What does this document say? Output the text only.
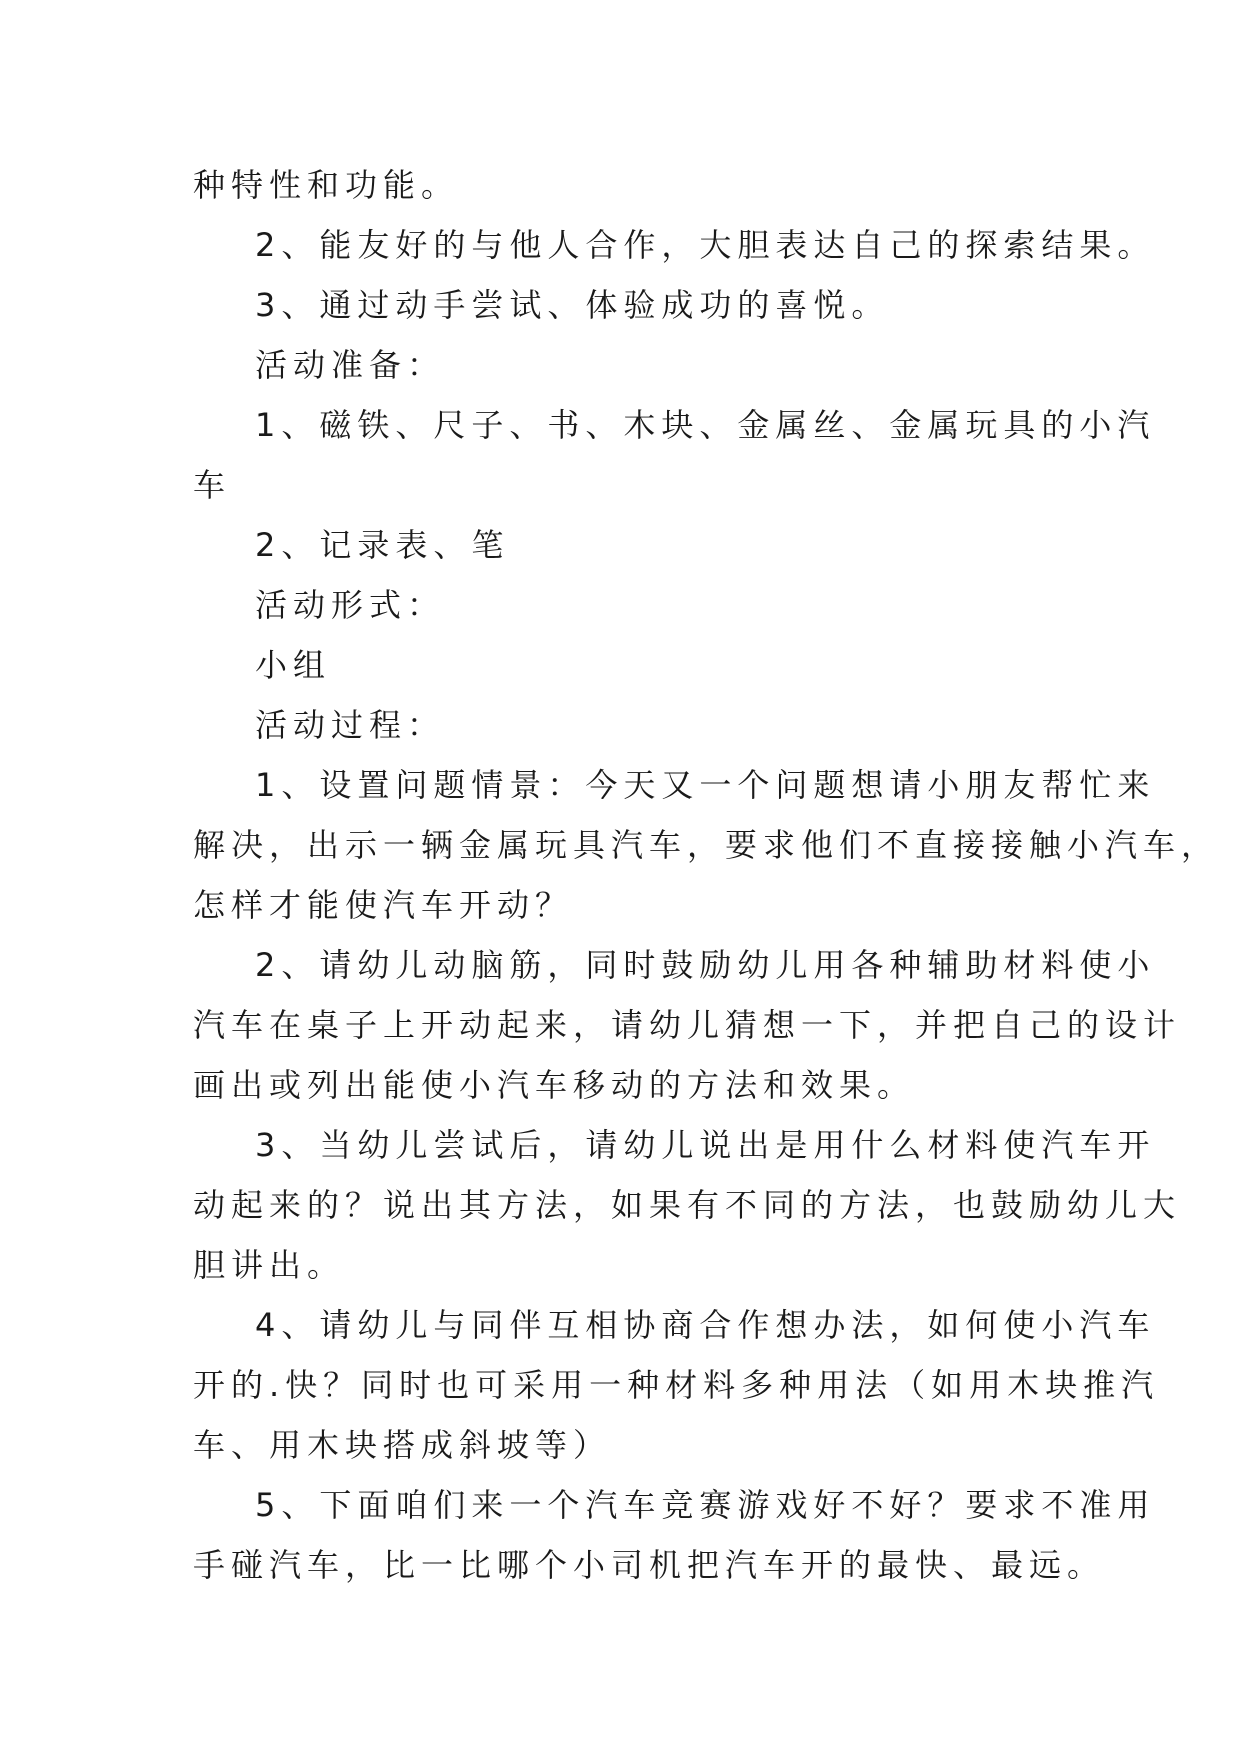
种特性和功能。
2、能友好的与他人合作，大胆表达自己的探索结果。
3、通过动手尝试、体验成功的喜悦。
活动准备：
1、磁铁、尺子、书、木块、金属丝、金属玩具的小汽
车
2、记录表、笔
活动形式：
小组
活动过程：
1、设置问题情景：今天又一个问题想请小朋友帮忙来
解决，出示一辆金属玩具汽车，要求他们不直接接触小汽车，
怎样才能使汽车开动？
2、请幼儿动脑筋，同时鼓励幼儿用各种辅助材料使小
汽车在桌子上开动起来，请幼儿猜想一下，并把自己的设计
画出或列出能使小汽车移动的方法和效果。
3、当幼儿尝试后，请幼儿说出是用什么材料使汽车开
动起来的？说出其方法，如果有不同的方法，也鼓励幼儿大
胆讲出。
4、请幼儿与同伴互相协商合作想办法，如何使小汽车
开的.快？同时也可采用一种材料多种用法（如用木块推汽
车、用木块搭成斜坡等）
5、下面咱们来一个汽车竞赛游戏好不好？要求不准用
手碰汽车，比一比哪个小司机把汽车开的最快、最远。
